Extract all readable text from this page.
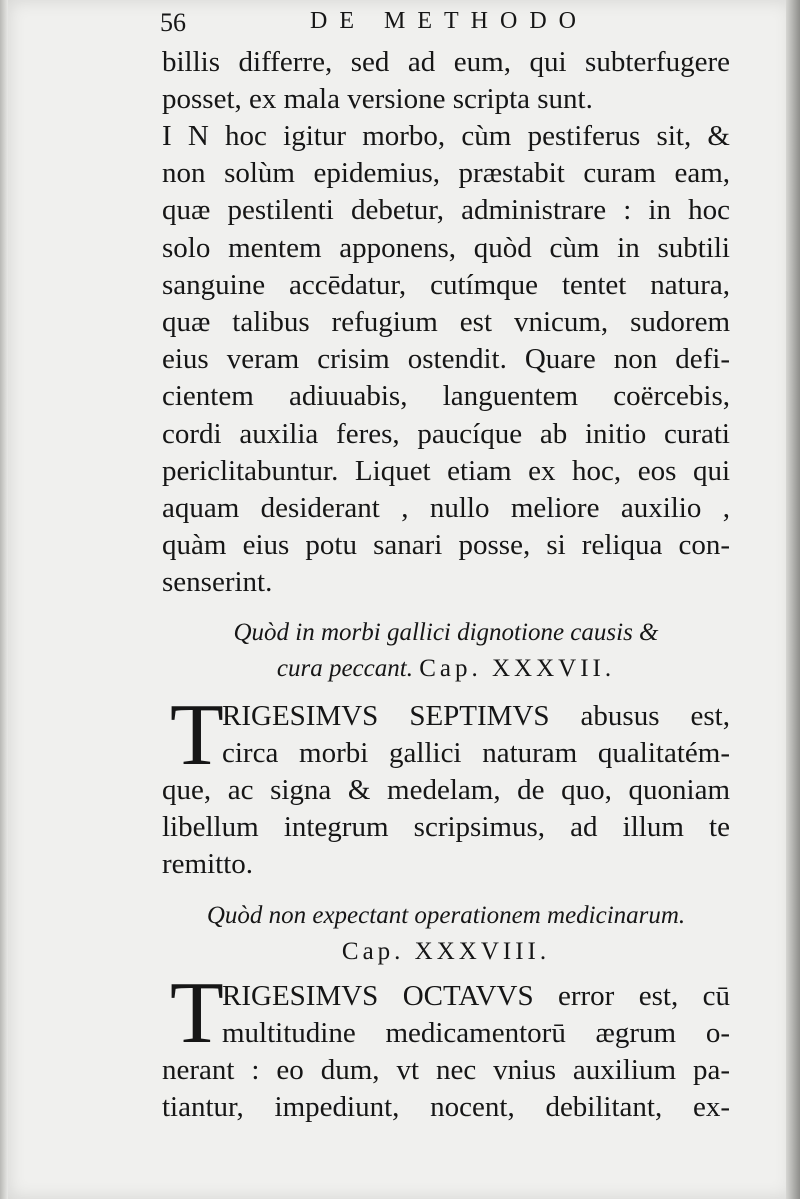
56	DE METHODO
billis differre, sed ad eum, qui subterfugere
posset, ex mala versione scripta sunt.
I N hoc igitur morbo, cùm pestiferus sit, &
non solùm epidemius, præstabit curam eam,
quæ pestilenti debetur, administrare : in hoc
solo mentem apponens, quòd cùm in subtili
sanguine accēdatur, cutímque tentet natura,
quæ talibus refugium est vnicum, sudorem
eius veram crisim ostendit. Quare non defi-
cientem adiuuabis, languentem coërcebis,
cordi auxilia feres, paucíque ab initio curati
periclitabuntur. Liquet etiam ex hoc, eos qui
aquam desiderant , nullo meliore auxilio ,
quàm eius potu sanari posse, si reliqua con-
senserint.
Quòd in morbi gallici dignotione causis &
cura peccant. Cap. XXXVII.
T
RIGESIMVS SEPTIMVS abusus est,
circa morbi gallici naturam qualitatém-
que, ac signa & medelam, de quo, quoniam
libellum integrum scripsimus, ad illum te
remitto.
Quòd non expectant operationem medicinarum.
Cap. XXXVIII.
T
RIGESIMVS OCTAVVS error est, cū
multitudine medicamentorū ægrum o-
nerant : eo dum, vt nec vnius auxilium pa-
tiantur, impediunt, nocent, debilitant, ex-
